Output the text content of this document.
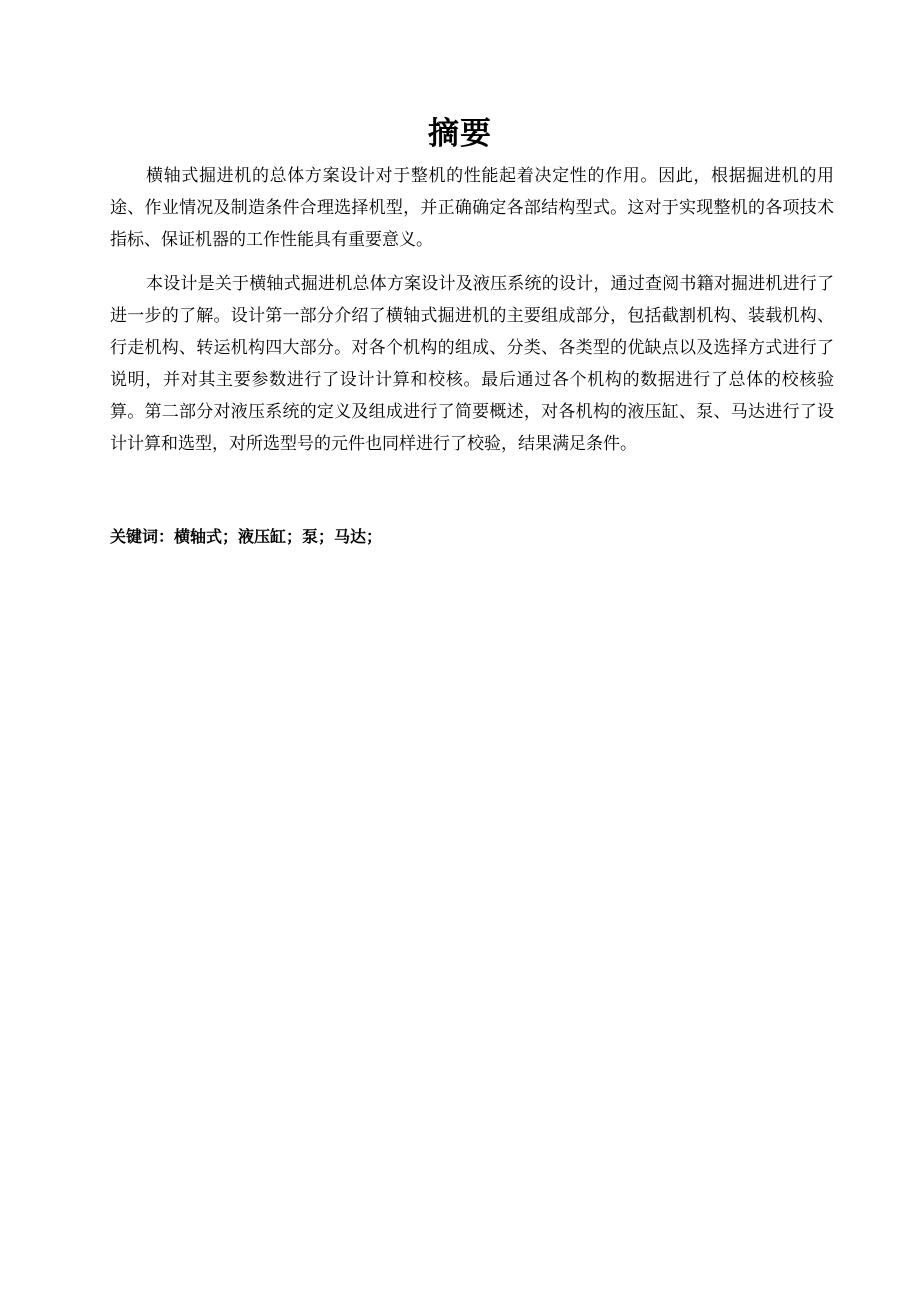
摘要

横轴式掘进机的总体方案设计对于整机的性能起着决定性的作用。因此，根据掘进机的用途、作业情况及制造条件合理选择机型，并正确确定各部结构型式。这对于实现整机的各项技术指标、保证机器的工作性能具有重要意义。

本设计是关于横轴式掘进机总体方案设计及液压系统的设计，通过查阅书籍对掘进机进行了进一步的了解。设计第一部分介绍了横轴式掘进机的主要组成部分，包括截割机构、装载机构、行走机构、转运机构四大部分。对各个机构的组成、分类、各类型的优缺点以及选择方式进行了说明，并对其主要参数进行了设计计算和校核。最后通过各个机构的数据进行了总体的校核验算。第二部分对液压系统的定义及组成进行了简要概述，对各机构的液压缸、泵、马达进行了设计计算和选型，对所选型号的元件也同样进行了校验，结果满足条件。

关键词：横轴式；液压缸；泵；马达；
